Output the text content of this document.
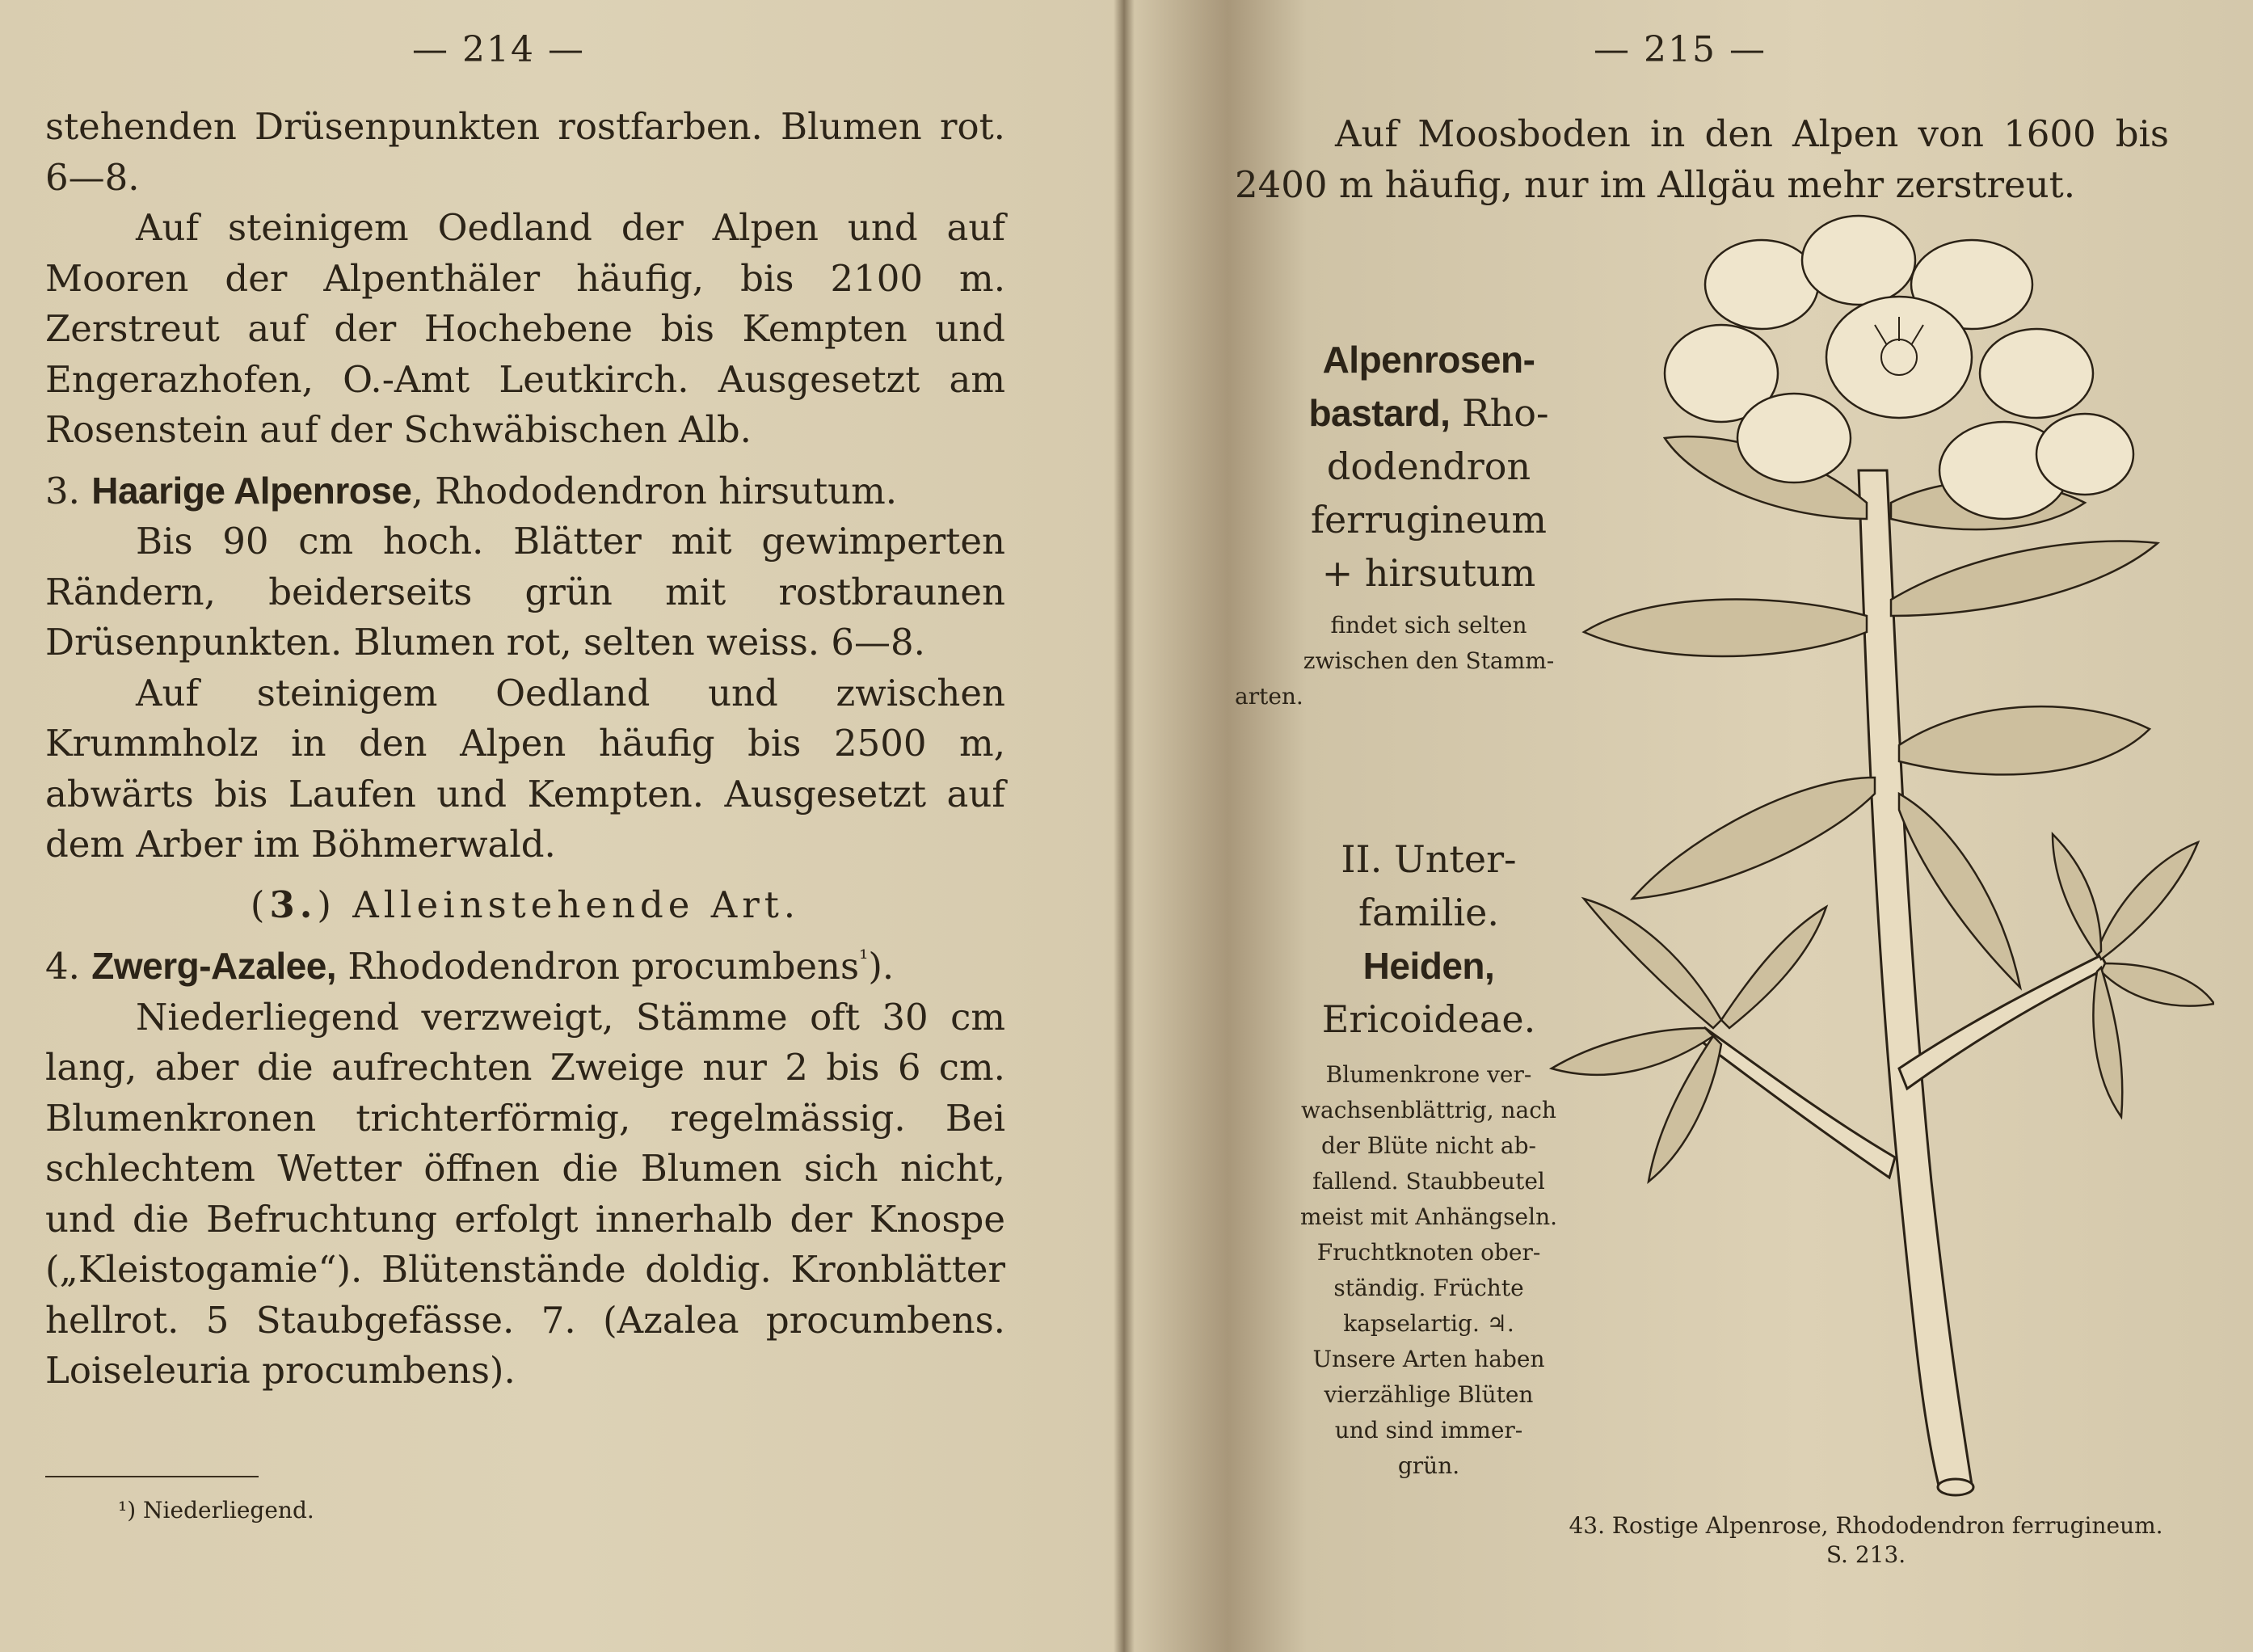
— 214 —

stehenden Drüsenpunkten rostfarben. Blumen rot. 6—8.

Auf steinigem Oedland der Alpen und auf Mooren der Alpenthäler häufig, bis 2100 m. Zerstreut auf der Hochebene bis Kempten und Engerazhofen, O.-Amt Leutkirch. Ausgesetzt am Rosenstein auf der Schwäbischen Alb.

3. Haarige Alpenrose, Rhododendron hirsutum.

Bis 90 cm hoch. Blätter mit gewimperten Rändern, beiderseits grün mit rostbraunen Drüsenpunkten. Blumen rot, selten weiss. 6—8.

Auf steinigem Oedland und zwischen Krummholz in den Alpen häufig bis 2500 m, abwärts bis Laufen und Kempten. Ausgesetzt auf dem Arber im Böhmerwald.

(3.) Alleinstehende Art.

4. Zwerg-Azalee, Rhododendron procumbens$^{^1}$).

Niederliegend verzweigt, Stämme oft 30 cm lang, aber die aufrechten Zweige nur 2 bis 6 cm. Blumenkronen trichterförmig, regelmässig. Bei schlechtem Wetter öffnen die Blumen sich nicht, und die Befruchtung erfolgt innerhalb der Knospe („Kleistogamie“). Blütenstände doldig. Kronblätter hellrot. 5 Staubgefässe. 7. (Azalea procumbens. Loiseleuria procumbens).

¹) Niederliegend.
— 215 —

Auf Moosboden in den Alpen von 1600 bis 2400 m häufig, nur im Allgäu mehr zerstreut.

Alpenrosen-
bastard, Rho-
dodendron
ferrugineum
+ hirsutum
findet sich selten
zwischen den Stamm-
arten.
II. Unter-
familie.
Heiden,
Ericoideae.
Blumenkrone ver-
wachsenblättrig, nach
der Blüte nicht ab-
fallend. Staubbeutel
meist mit Anhängseln.
Fruchtknoten ober-
ständig. Früchte
kapselartig. ♃.
Unsere Arten haben
vierzählige Blüten
und sind immer-
grün.
43. Rostige Alpenrose, Rhododendron ferrugineum.
S. 213.
